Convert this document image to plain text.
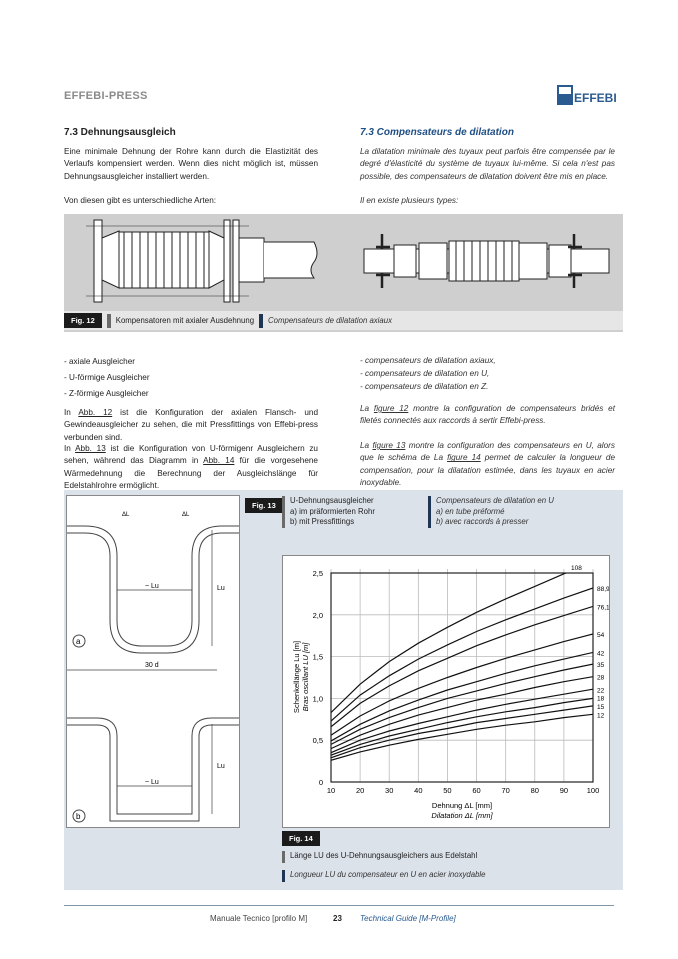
EFFEBI-PRESS	EFFEBI
7.3 Dehnungsausgleich	7.3 Compensateurs de dilatation

Eine minimale Dehnung der Rohre kann durch die Elastizität des Verlaufs kompensiert werden. Wenn dies nicht möglich ist, müssen Dehnungsausgleicher installiert werden.

La dilatation minimale des tuyaux peut parfois être compensée par le degré d'élasticité du système de tuyaux lui-même. Si cela n'est pas possible, des compensateurs de dilatation doivent être mis en place.

Von diesen gibt es unterschiedliche Arten:	Il en existe plusieurs types:

Fig. 12	Kompensatoren mit axialer Ausdehnung Compensateurs de dilatation axiaux
- axiale Ausgleicher
- U-förmige Ausgleicher
- Z-förmige Ausgleicher
- compensateurs de dilatation axiaux,
- compensateurs de dilatation en U,
- compensateurs de dilatation en Z.

In Abb. 12 ist die Konfiguration der axialen Flansch- und Gewindeausgleicher zu sehen, die mit Pressfittings von Effebi-press verbunden sind.

In Abb. 13 ist die Konfiguration von U-förmigenr Ausgleichern zu sehen, während das Diagramm in Abb. 14 für die vorgesehene Wärmedehnung die Berechnung der Ausgleichslänge für Edelstahlrohre ermöglicht.

La figure 12 montre la configuration de compensateurs bridés et filetés connectés aux raccords à sertir Effebi-press.

La figure 13 montre la configuration des compensateurs en U, alors que le schéma de La figure 14 permet de calculer la longueur de compensation, pour la dilatation estimée, dans les tuyaux en acier inoxydable.

ΔL	ΔL
~ Lu
~ Lu
Lu
Lu
30 d
a
b
Fig. 13
U-Dehnungsausgleicher
a) im präformierten Rohr
b) mit Pressfittings
Compensateurs de dilatation en U
a) en tube préformé
b) avec raccords à presser
10	20	30	40	50	60	70	80	90 100
0
0,5
1,0
1,5
2,0
2,5
108
88,9
76,1
54
42
35
28
22
18
15
12
Dehnung ΔL [mm]
Dilatation ΔL [mm]
Schenkellänge Lu [m] Bras oscillant LU [m]
Fig. 14
Länge LU des U-Dehnungsausgleichers aus Edelstahl
Longueur LU du compensateur en U en acier inoxydable
Manuale Tecnico [profilo M]	23 Technical Guide [M-Profile]
